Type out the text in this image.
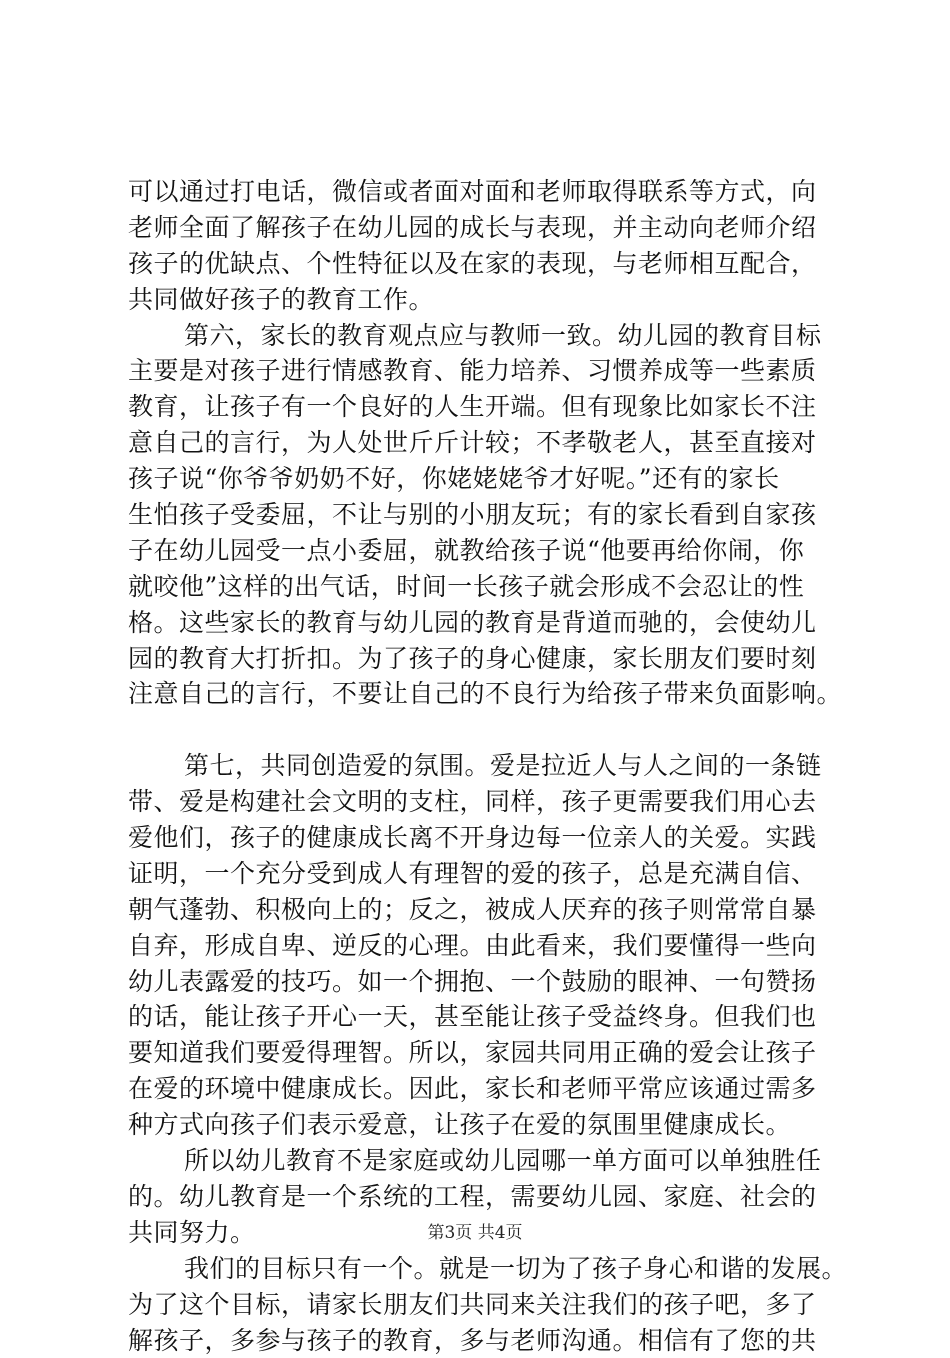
可以通过打电话，微信或者面对面和老师取得联系等方式，向
老师全面了解孩子在幼儿园的成长与表现，并主动向老师介绍
孩子的优缺点、个性特征以及在家的表现，与老师相互配合，
共同做好孩子的教育工作。
第六，家长的教育观点应与教师一致。幼儿园的教育目标
主要是对孩子进行情感教育、能力培养、习惯养成等一些素质
教育，让孩子有一个良好的人生开端。但有现象比如家长不注
意自己的言行，为人处世斤斤计较；不孝敬老人，甚至直接对
孩子说“你爷爷奶奶不好，你姥姥姥爷才好呢。”还有的家长
生怕孩子受委屈，不让与别的小朋友玩；有的家长看到自家孩
子在幼儿园受一点小委屈，就教给孩子说“他要再给你闹，你
就咬他”这样的出气话，时间一长孩子就会形成不会忍让的性
格。这些家长的教育与幼儿园的教育是背道而驰的，会使幼儿
园的教育大打折扣。为了孩子的身心健康，家长朋友们要时刻
注意自己的言行，不要让自己的不良行为给孩子带来负面影响。
第七，共同创造爱的氛围。爱是拉近人与人之间的一条链
带、爱是构建社会文明的支柱，同样，孩子更需要我们用心去
爱他们，孩子的健康成长离不开身边每一位亲人的关爱。实践
证明，一个充分受到成人有理智的爱的孩子，总是充满自信、
朝气蓬勃、积极向上的；反之，被成人厌弃的孩子则常常自暴
自弃，形成自卑、逆反的心理。由此看来，我们要懂得一些向
幼儿表露爱的技巧。如一个拥抱、一个鼓励的眼神、一句赞扬
的话，能让孩子开心一天，甚至能让孩子受益终身。但我们也
要知道我们要爱得理智。所以，家园共同用正确的爱会让孩子
在爱的环境中健康成长。因此，家长和老师平常应该通过需多
种方式向孩子们表示爱意，让孩子在爱的氛围里健康成长。
所以幼儿教育不是家庭或幼儿园哪一单方面可以单独胜任
的。幼儿教育是一个系统的工程，需要幼儿园、家庭、社会的
共同努力。
我们的目标只有一个。就是一切为了孩子身心和谐的发展。
为了这个目标，请家长朋友们共同来关注我们的孩子吧，多了
解孩子，多参与孩子的教育，多与老师沟通。相信有了您的共
第3页 共4页
